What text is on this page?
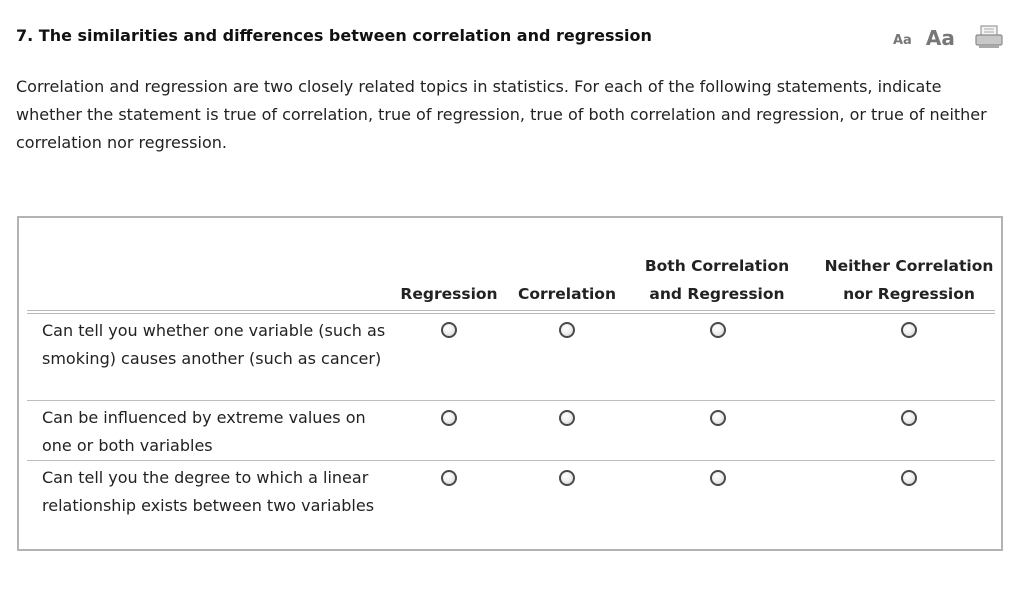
7. The similarities and differences between correlation and regression	Aa Aa
Correlation and regression are two closely related topics in statistics. For each of the following statements, indicate whether the statement is true of correlation, true of regression, true of both correlation and regression, or true of neither correlation nor regression.

Regression
	Correlation
Both Correlation
and Regression
Neither Correlation
nor Regression
Can tell you whether one variable (such as smoking) causes another (such as cancer)
Can be influenced by extreme values on one or both variables
Can tell you the degree to which a linear relationship exists between two variables
